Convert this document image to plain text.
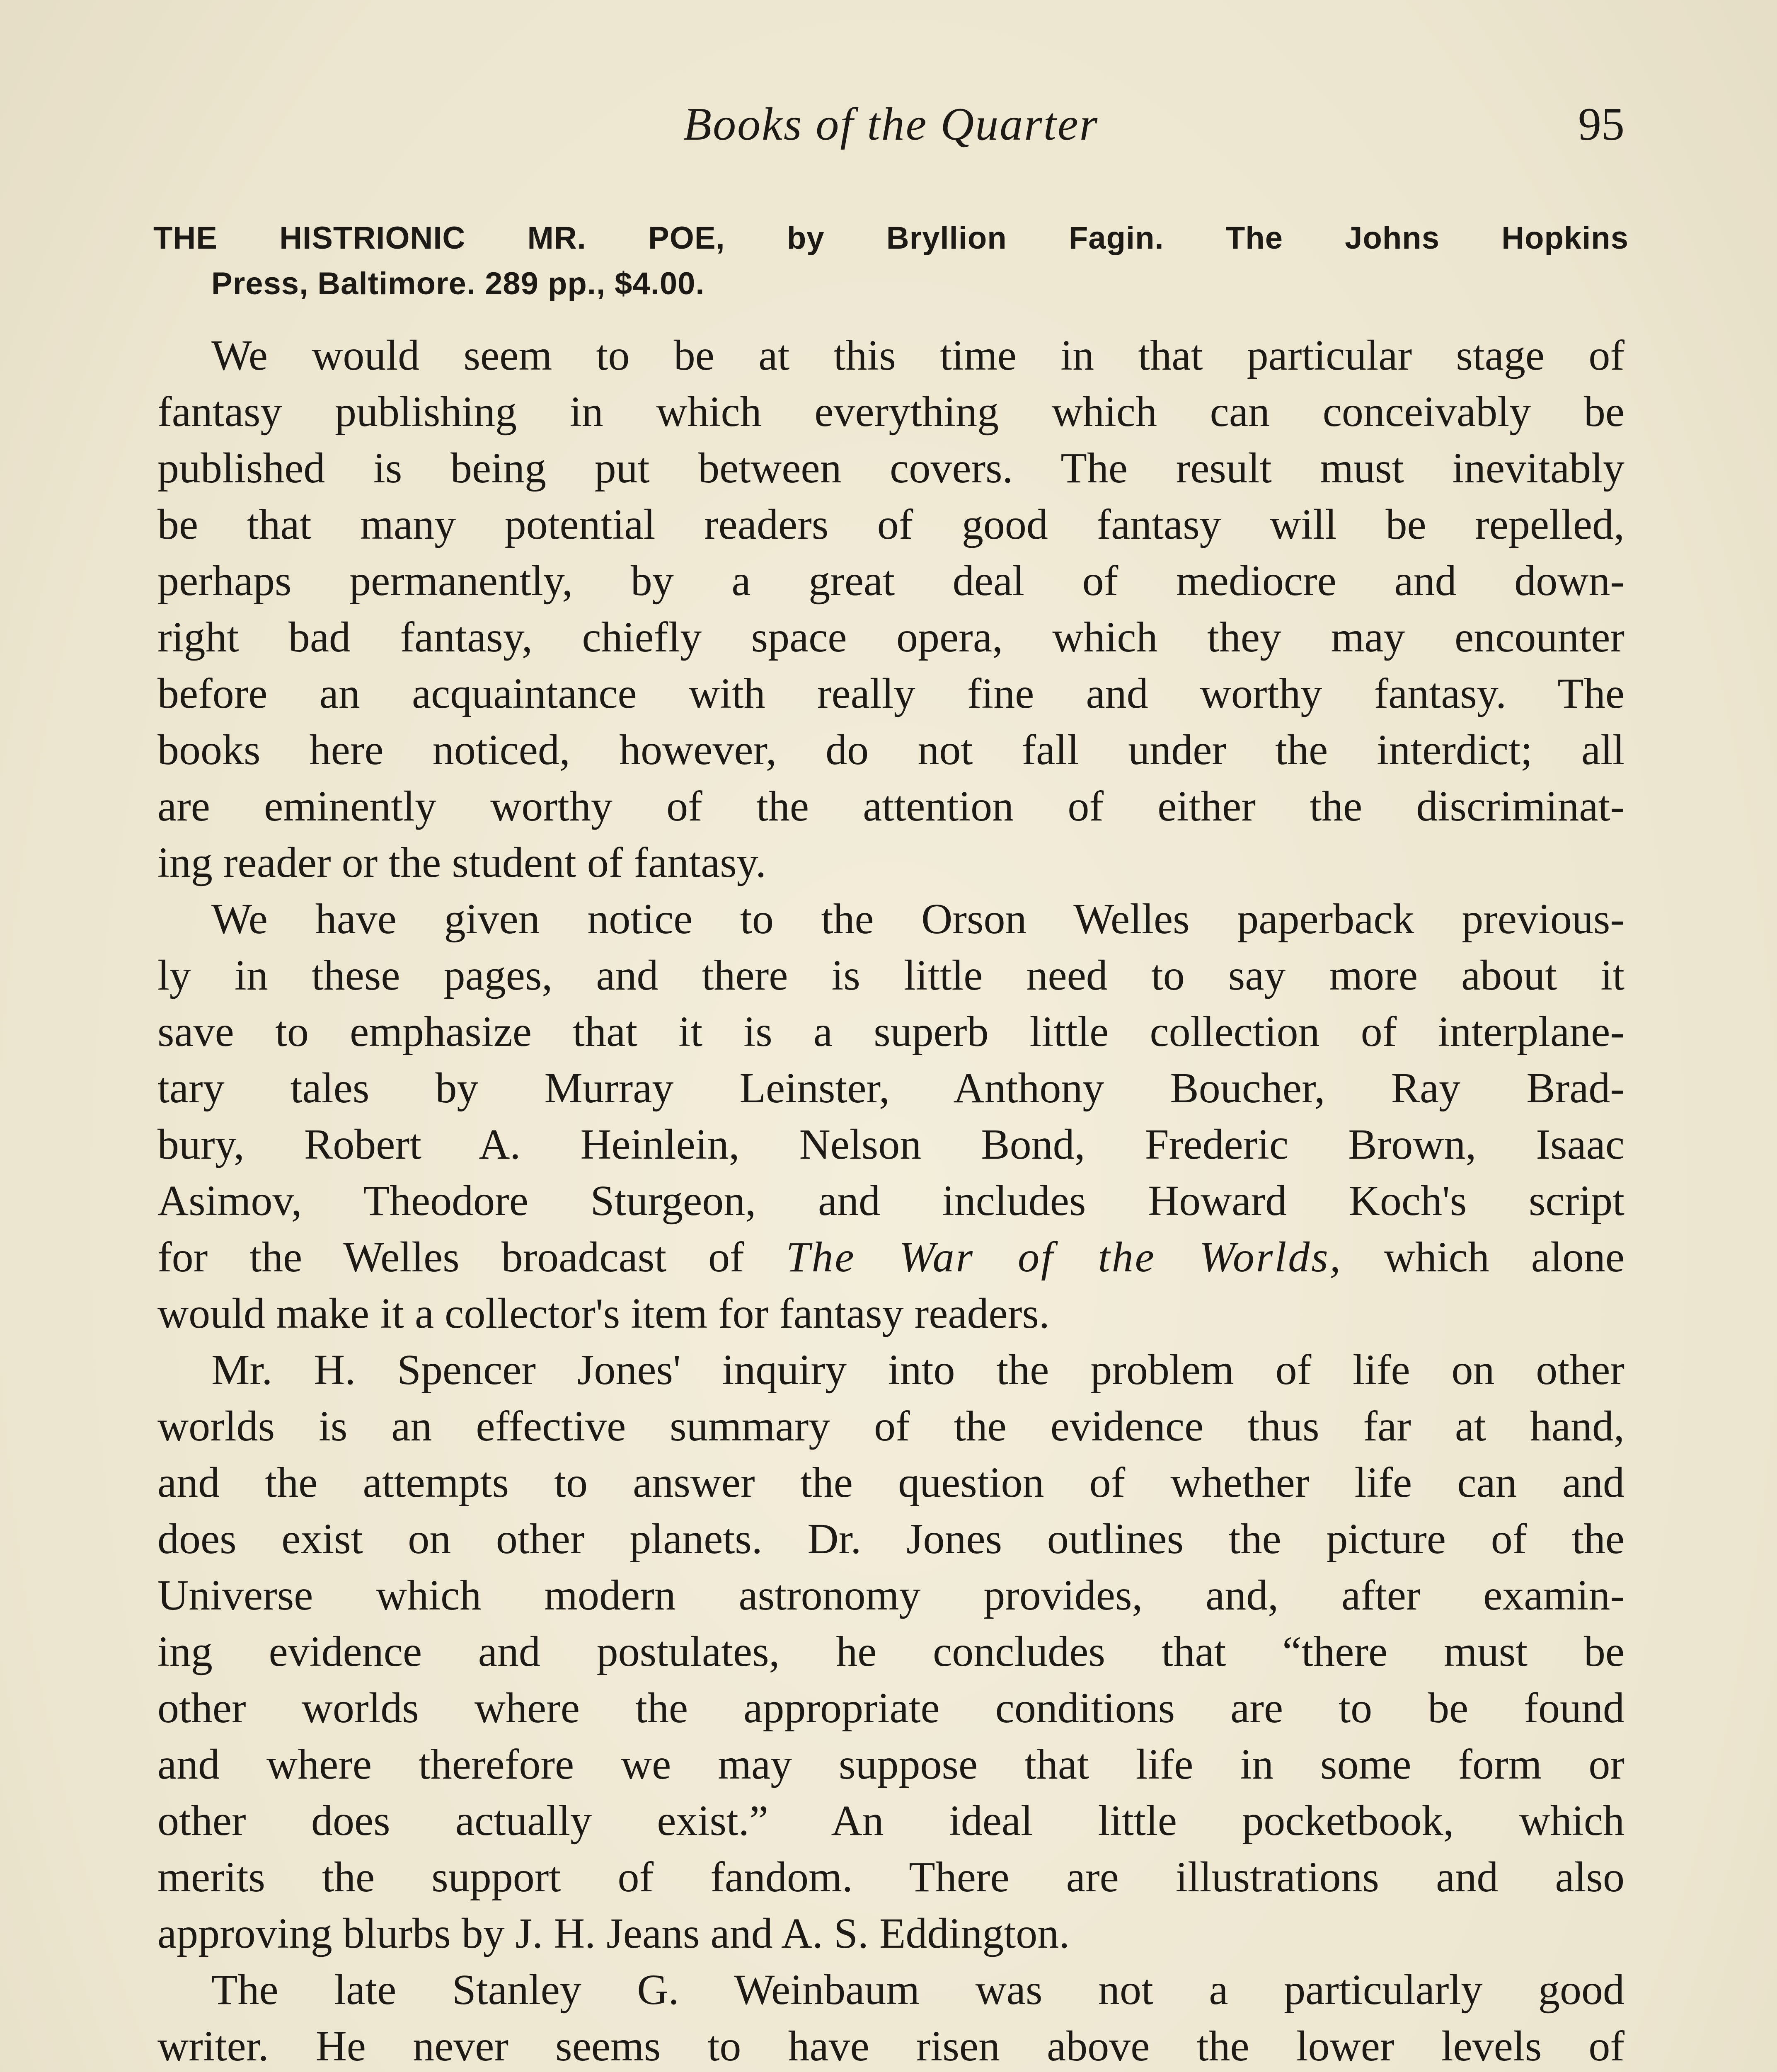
Books of the Quarter	95
THE HISTRIONIC MR. POE, by Bryllion Fagin. The Johns Hopkins
Press, Baltimore. 289 pp., $4.00.
We would seem to be at this time in that particular stage of
fantasy publishing in which everything which can conceivably be
published is being put between covers. The result must inevitably
be that many potential readers of good fantasy will be repelled,
perhaps permanently, by a great deal of mediocre and down-
right bad fantasy, chiefly space opera, which they may encounter
before an acquaintance with really fine and worthy fantasy. The
books here noticed, however, do not fall under the interdict; all
are eminently worthy of the attention of either the discriminat-
ing reader or the student of fantasy.
We have given notice to the Orson Welles paperback previous-
ly in these pages, and there is little need to say more about it
save to emphasize that it is a superb little collection of interplane-
tary tales by Murray Leinster, Anthony Boucher, Ray Brad-
bury, Robert A. Heinlein, Nelson Bond, Frederic Brown, Isaac
Asimov, Theodore Sturgeon, and includes Howard Koch's script
for the Welles broadcast of The War of the Worlds, which alone
would make it a collector's item for fantasy readers.
Mr. H. Spencer Jones' inquiry into the problem of life on other
worlds is an effective summary of the evidence thus far at hand,
and the attempts to answer the question of whether life can and
does exist on other planets. Dr. Jones outlines the picture of the
Universe which modern astronomy provides, and, after examin-
ing evidence and postulates, he concludes that “there must be
other worlds where the appropriate conditions are to be found
and where therefore we may suppose that life in some form or
other does actually exist.” An ideal little pocketbook, which
merits the support of fandom. There are illustrations and also
approving blurbs by J. H. Jeans and A. S. Eddington.
The late Stanley G. Weinbaum was not a particularly good
writer. He never seems to have risen above the lower levels of
